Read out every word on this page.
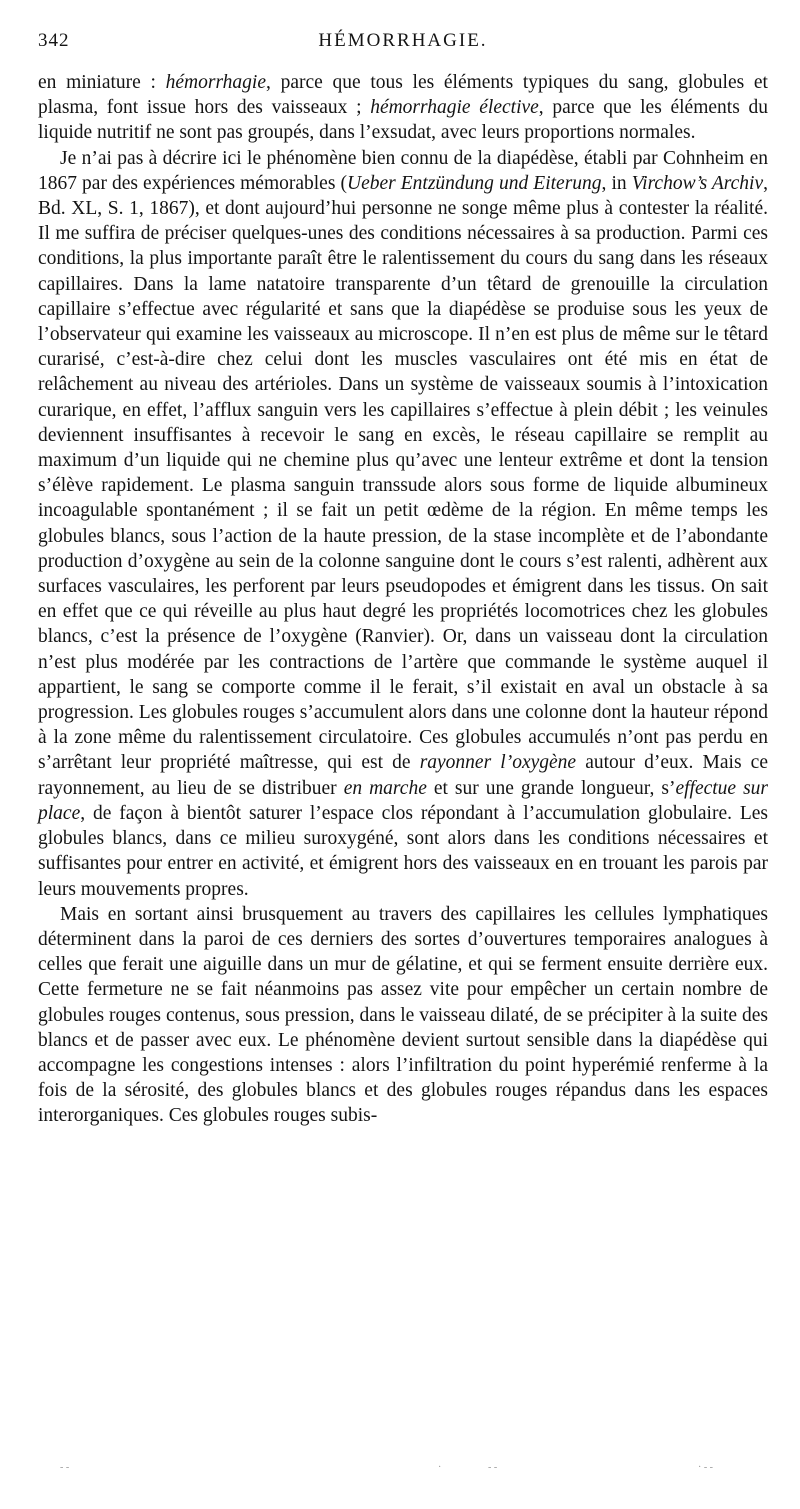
342	HÉMORRHAGIE.

en miniature : hémorrhagie, parce que tous les éléments typiques du sang, globules et plasma, font issue hors des vaisseaux ; hémorrhagie élective, parce que les éléments du liquide nutritif ne sont pas groupés, dans l’exsudat, avec leurs proportions normales.

Je n’ai pas à décrire ici le phénomène bien connu de la diapédèse, établi par Cohnheim en 1867 par des expériences mémorables (Ueber Entzündung und Eiterung, in Virchow’s Archiv, Bd. XL, S. 1, 1867), et dont aujourd’hui personne ne songe même plus à contester la réalité. Il me suffira de préciser quelques-unes des conditions nécessaires à sa production. Parmi ces conditions, la plus importante paraît être le ralentissement du cours du sang dans les réseaux capillaires. Dans la lame natatoire transparente d’un têtard de grenouille la circulation capillaire s’effectue avec régularité et sans que la diapédèse se produise sous les yeux de l’observateur qui examine les vaisseaux au microscope. Il n’en est plus de même sur le têtard curarisé, c’est-à-dire chez celui dont les muscles vasculaires ont été mis en état de relâchement au niveau des artérioles. Dans un système de vaisseaux soumis à l’intoxication curarique, en effet, l’afflux sanguin vers les capillaires s’effectue à plein débit ; les veinules deviennent insuffisantes à recevoir le sang en excès, le réseau capillaire se remplit au maximum d’un liquide qui ne chemine plus qu’avec une lenteur extrême et dont la tension s’élève rapidement. Le plasma sanguin transsude alors sous forme de liquide albumineux incoagulable spontanément ; il se fait un petit œdème de la région. En même temps les globules blancs, sous l’action de la haute pression, de la stase incomplète et de l’abondante production d’oxygène au sein de la colonne sanguine dont le cours s’est ralenti, adhèrent aux surfaces vasculaires, les perforent par leurs pseudopodes et émigrent dans les tissus. On sait en effet que ce qui réveille au plus haut degré les propriétés locomotrices chez les globules blancs, c’est la présence de l’oxygène (Ranvier). Or, dans un vaisseau dont la circulation n’est plus modérée par les contractions de l’artère que commande le système auquel il appartient, le sang se comporte comme il le ferait, s’il existait en aval un obstacle à sa progression. Les globules rouges s’accumulent alors dans une colonne dont la hauteur répond à la zone même du ralentissement circulatoire. Ces globules accumulés n’ont pas perdu en s’arrêtant leur propriété maîtresse, qui est de rayonner l’oxygène autour d’eux. Mais ce rayonnement, au lieu de se distribuer en marche et sur une grande longueur, s’effectue sur place, de façon à bientôt saturer l’espace clos répondant à l’accumulation globulaire. Les globules blancs, dans ce milieu suroxygéné, sont alors dans les conditions nécessaires et suffisantes pour entrer en activité, et émigrent hors des vaisseaux en en trouant les parois par leurs mouvements propres.

Mais en sortant ainsi brusquement au travers des capillaires les cellules lymphatiques déterminent dans la paroi de ces derniers des sortes d’ouvertures temporaires analogues à celles que ferait une aiguille dans un mur de gélatine, et qui se ferment ensuite derrière eux. Cette fermeture ne se fait néanmoins pas assez vite pour empêcher un certain nombre de globules rouges contenus, sous pression, dans le vaisseau dilaté, de se précipiter à la suite des blancs et de passer avec eux. Le phénomène devient surtout sensible dans la diapédèse qui accompagne les congestions intenses : alors l’infiltration du point hyperémié renferme à la fois de la sérosité, des globules blancs et des globules rouges répandus dans les espaces interorganiques. Ces globules rouges subis-

‐ ‐	·	‐ ‐	· ‐ ‐
